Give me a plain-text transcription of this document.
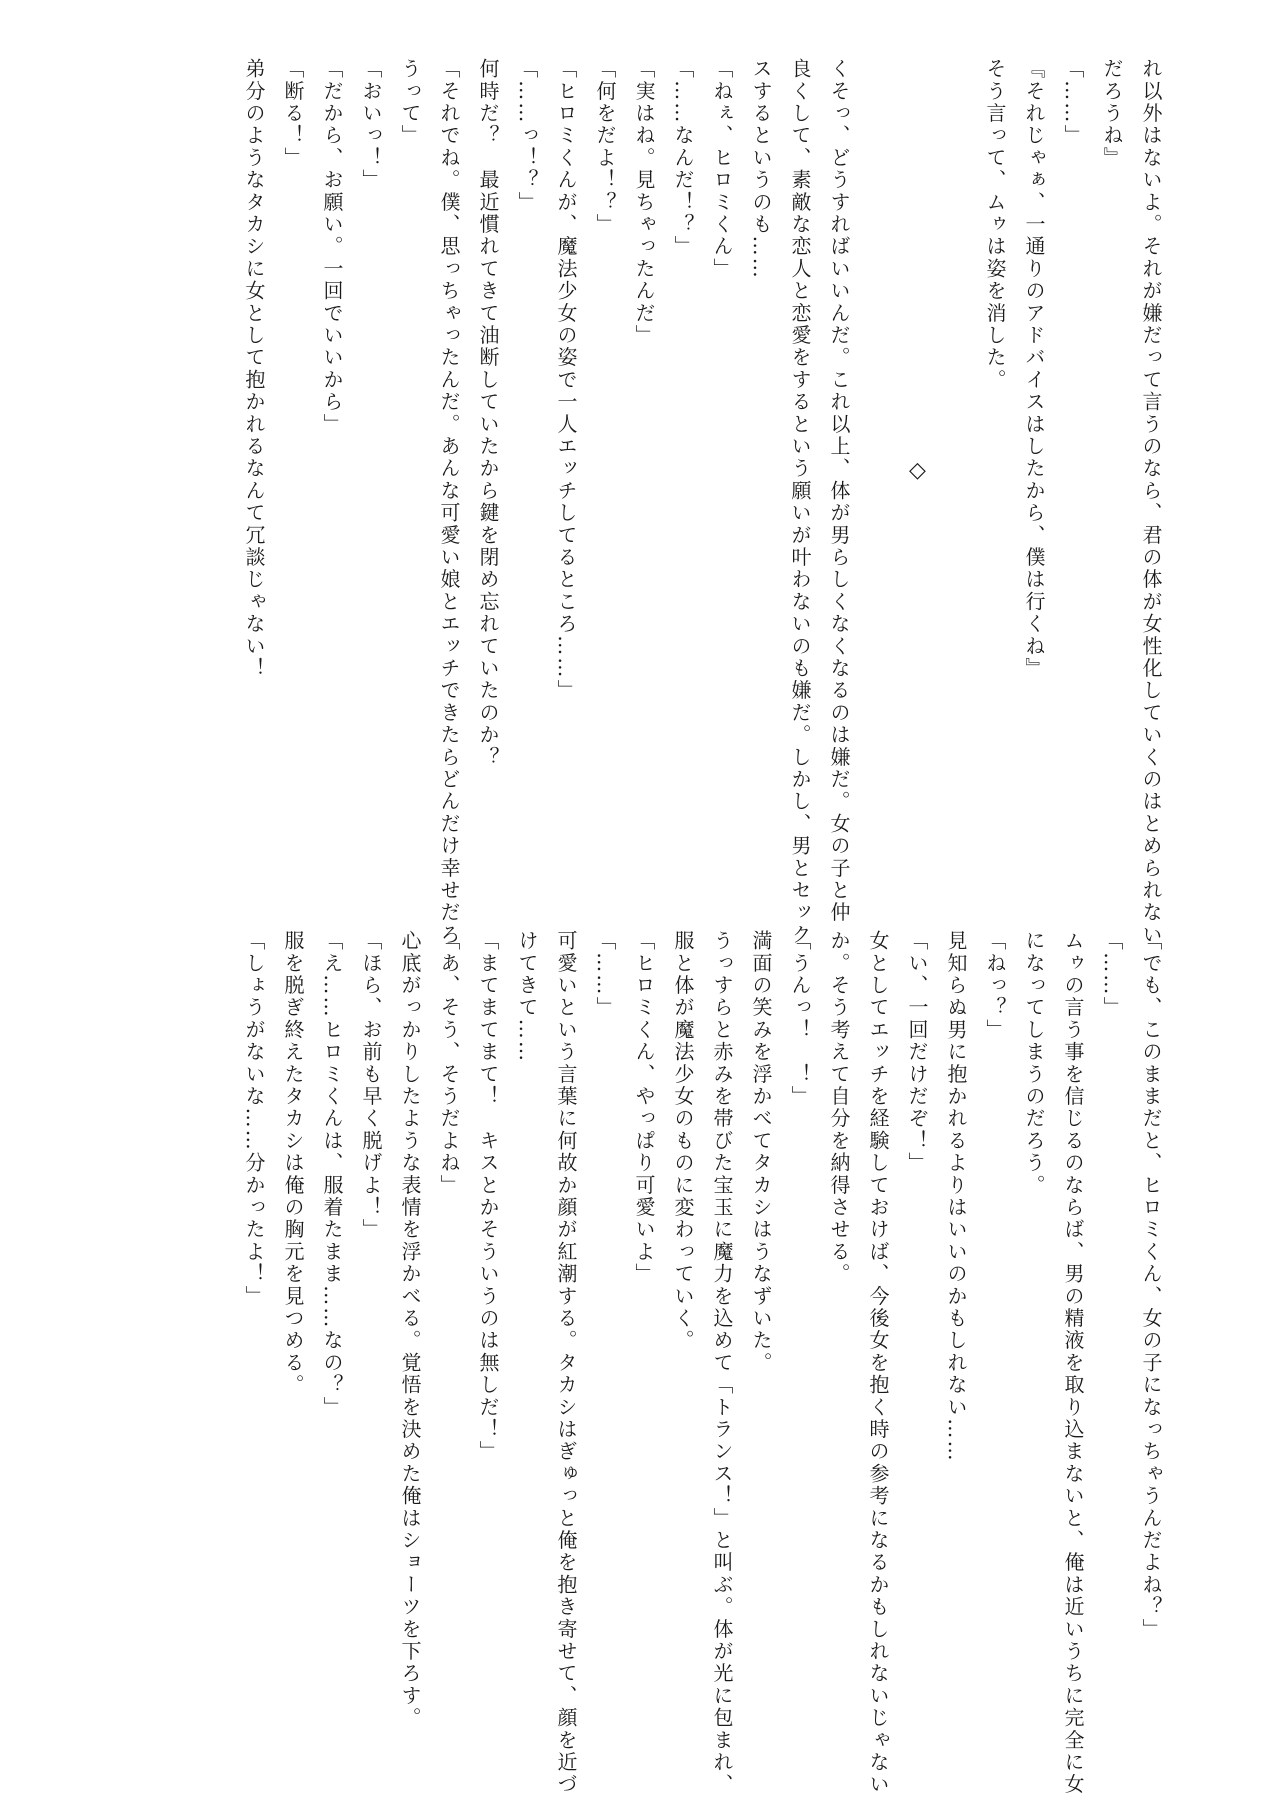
れ以外はないよ。それが嫌だって言うのなら、君の体が女性化していくのはとめられない
だろうね』
「……」
『それじゃぁ、一通りのアドバイスはしたから、僕は行くね』
そう言って、ムゥは姿を消した。
◇
くそっ、どうすればいいんだ。これ以上、体が男らしくなくなるのは嫌だ。女の子と仲
良くして、素敵な恋人と恋愛をするという願いが叶わないのも嫌だ。しかし、男とセック
スするというのも……
「ねぇ、ヒロミくん」
「……なんだ！？」
「実はね。見ちゃったんだ」
「何をだよ！？」
「ヒロミくんが、魔法少女の姿で一人エッチしてるところ……」
「……っ！？」
何時だ？　最近慣れてきて油断していたから鍵を閉め忘れていたのか？
「それでね。僕、思っちゃったんだ。あんな可愛い娘とエッチできたらどんだけ幸せだろ
うって」
「おいっ！」
「だから、お願い。一回でいいから」
「断る！」
弟分のようなタカシに女として抱かれるなんて冗談じゃない！
「でも、このままだと、ヒロミくん、女の子になっちゃうんだよね？」
「……」
ムゥの言う事を信じるのならば、男の精液を取り込まないと、俺は近いうちに完全に女
になってしまうのだろう。
「ねっ？」
見知らぬ男に抱かれるよりはいいのかもしれない……
「い、一回だけだぞ！」
女としてエッチを経験しておけば、今後女を抱く時の参考になるかもしれないじゃない
か。そう考えて自分を納得させる。
「うんっ！　！」
満面の笑みを浮かべてタカシはうなずいた。
うっすらと赤みを帯びた宝玉に魔力を込めて「トランス！」と叫ぶ。体が光に包まれ、
服と体が魔法少女のものに変わっていく。
「ヒロミくん、やっぱり可愛いよ」
「……」
可愛いという言葉に何故か顔が紅潮する。タカシはぎゅっと俺を抱き寄せて、顔を近づ
けてきて……
「まてまてまて！　キスとかそういうのは無しだ！」
「あ、そう、そうだよね」
心底がっかりしたような表情を浮かべる。覚悟を決めた俺はショーツを下ろす。
「ほら、お前も早く脱げよ！」
「え……ヒロミくんは、服着たまま……なの？」
服を脱ぎ終えたタカシは俺の胸元を見つめる。
「しょうがないな……分かったよ！」
